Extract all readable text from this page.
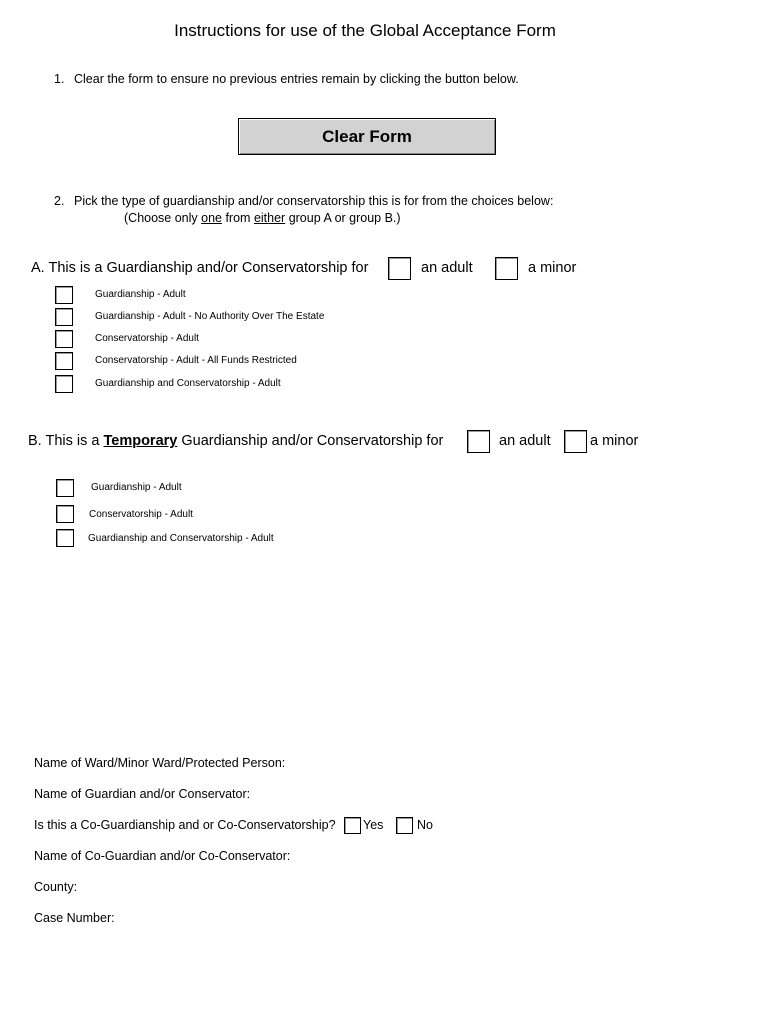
Instructions for use of the Global Acceptance Form
1. Clear the form to ensure no previous entries remain by clicking the button below.
Clear Form
2. Pick the type of guardianship and/or conservatorship this is for from the choices below:
(Choose only one from either group A or group B.)
A. This is a Guardianship and/or Conservatorship for	an adult	a minor
Guardianship - Adult
Guardianship - Adult - No Authority Over The Estate
Conservatorship - Adult
Conservatorship - Adult - All Funds Restricted
Guardianship and Conservatorship - Adult
B. This is a Temporary Guardianship and/or Conservatorship for	an adult	a minor
Guardianship - Adult
Conservatorship - Adult
Guardianship and Conservatorship - Adult
Name of Ward/Minor Ward/Protected Person:
Name of Guardian and/or Conservator:
Is this a Co-Guardianship and or Co-Conservatorship? Yes	No
Name of Co-Guardian and/or Co-Conservator:
County:
Case Number:
